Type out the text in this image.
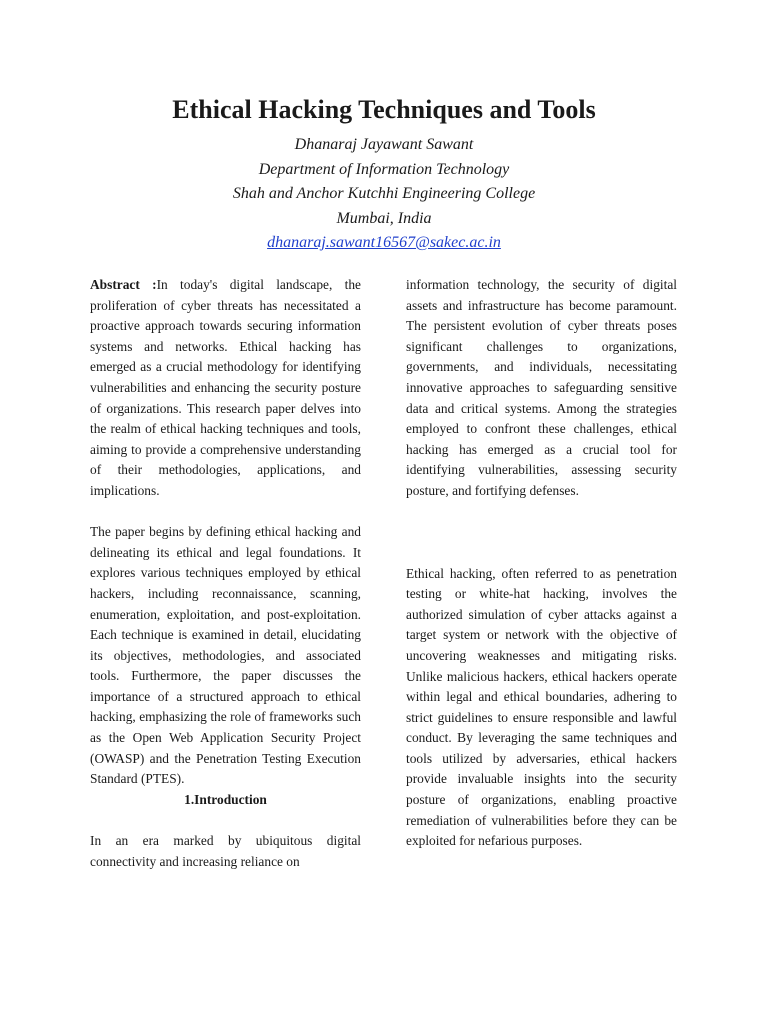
Ethical Hacking Techniques and Tools
Dhanaraj Jayawant Sawant
Department of Information Technology
Shah and Anchor Kutchhi Engineering College
Mumbai, India
dhanaraj.sawant16567@sakec.ac.in

Abstract :In today's digital landscape, the proliferation of cyber threats has necessitated a proactive approach towards securing information systems and networks. Ethical hacking has emerged as a crucial methodology for identifying vulnerabilities and enhancing the security posture of organizations. This research paper delves into the realm of ethical hacking techniques and tools, aiming to provide a comprehensive understanding of their methodologies, applications, and implications.

The paper begins by defining ethical hacking and delineating its ethical and legal foundations. It explores various techniques employed by ethical hackers, including reconnaissance, scanning, enumeration, exploitation, and post-exploitation. Each technique is examined in detail, elucidating its objectives, methodologies, and associated tools. Furthermore, the paper discusses the importance of a structured approach to ethical hacking, emphasizing the role of frameworks such as the Open Web Application Security Project (OWASP) and the Penetration Testing Execution Standard (PTES).

1.Introduction

In an era marked by ubiquitous digital connectivity and increasing reliance on

information technology, the security of digital assets and infrastructure has become paramount. The persistent evolution of cyber threats poses significant challenges to organizations, governments, and individuals, necessitating innovative approaches to safeguarding sensitive data and critical systems. Among the strategies employed to confront these challenges, ethical hacking has emerged as a crucial tool for identifying vulnerabilities, assessing security posture, and fortifying defenses.

Ethical hacking, often referred to as penetration testing or white-hat hacking, involves the authorized simulation of cyber attacks against a target system or network with the objective of uncovering weaknesses and mitigating risks. Unlike malicious hackers, ethical hackers operate within legal and ethical boundaries, adhering to strict guidelines to ensure responsible and lawful conduct. By leveraging the same techniques and tools utilized by adversaries, ethical hackers provide invaluable insights into the security posture of organizations, enabling proactive remediation of vulnerabilities before they can be exploited for nefarious purposes.
